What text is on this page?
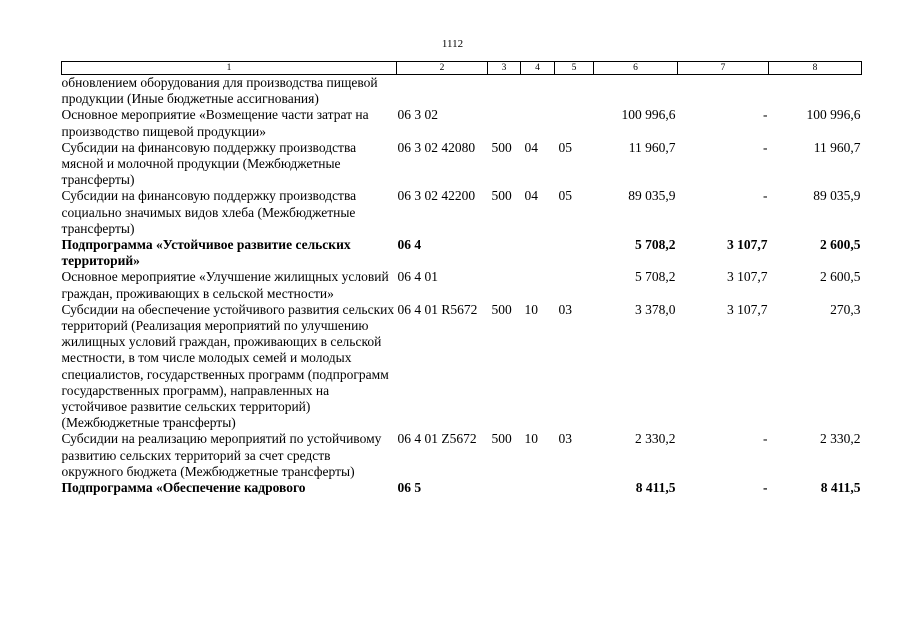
1112
1	2	3	4	5	6	7	8
обновлением оборудования для производства пищевой продукции (Иные бюджетные ассигнования)							
Основное мероприятие «Возмещение части затрат на производство пищевой продукции»	06 3 02				100 996,6	-	100 996,6
Субсидии на финансовую поддержку производства мясной и молочной продукции (Межбюджетные трансферты)	06 3 02 42080	500	04	05	11 960,7	-	11 960,7
Субсидии на финансовую поддержку производства социально значимых видов хлеба (Межбюджетные трансферты)	06 3 02 42200	500	04	05	89 035,9	-	89 035,9
Подпрограмма «Устойчивое развитие сельских территорий»	06 4				5 708,2	3 107,7	2 600,5
Основное мероприятие «Улучшение жилищных условий граждан, проживающих в сельской местности»	06 4 01				5 708,2	3 107,7	2 600,5
Субсидии на обеспечение устойчивого развития сельских территорий (Реализация мероприятий по улучшению жилищных условий граждан, проживающих в сельской местности, в том числе молодых семей и молодых специалистов, государственных программ (подпрограмм государственных программ), направленных на устойчивое развитие сельских территорий) (Межбюджетные трансферты)	06 4 01 R5672	500	10	03	3 378,0	3 107,7	270,3
Субсидии на реализацию мероприятий по устойчивому развитию сельских территорий за счет средств окружного бюджета (Межбюджетные трансферты)	06 4 01 Z5672	500	10	03	2 330,2	-	2 330,2
Подпрограмма «Обеспечение кадрового	06 5				8 411,5	-	8 411,5
